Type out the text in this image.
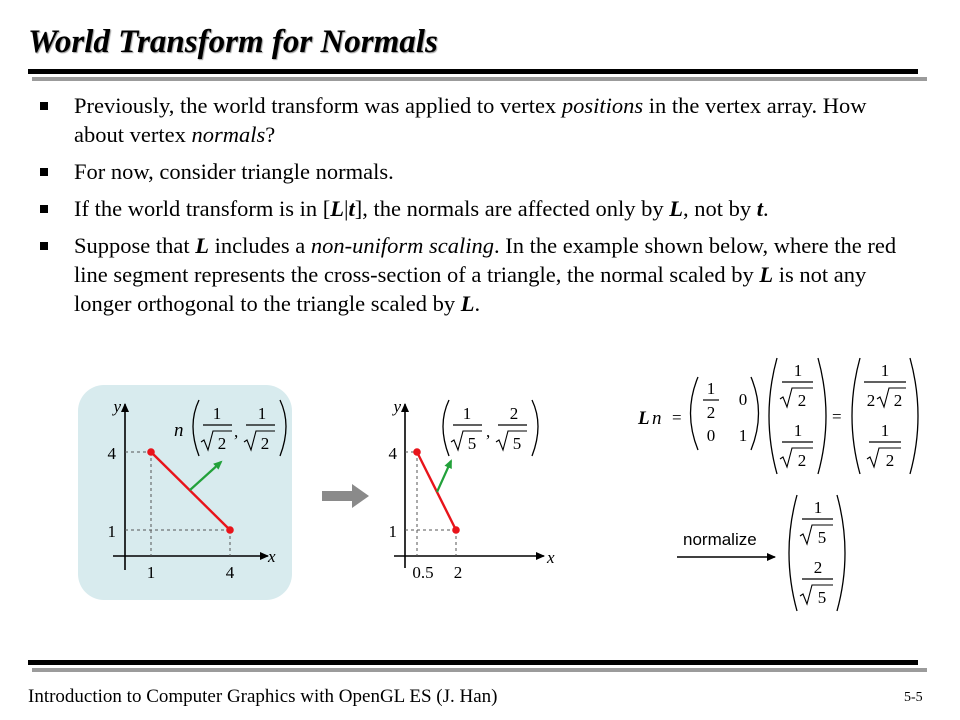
World Transform for Normals
Previously, the world transform was applied to vertex positions in the vertex array. How about vertex normals?
For now, consider triangle normals.
If the world transform is in [L|t], the normals are affected only by L, not by t.
Suppose that L includes a non-uniform scaling. In the example shown below, where the red line segment represents the cross-section of a triangle, the normal scaled by L is not any longer orthogonal to the triangle scaled by L.
y
x
4
1
1	4
n
1
2
,
1
2
y
x
4
1
0.5 2
1
5
,
2
5
L n =
1
2
0
0 1
1
2
1
2
=
1
2 2
1
2
normalize
1
5
2
5
Introduction to Computer Graphics with OpenGL ES (J. Han)	5-5
